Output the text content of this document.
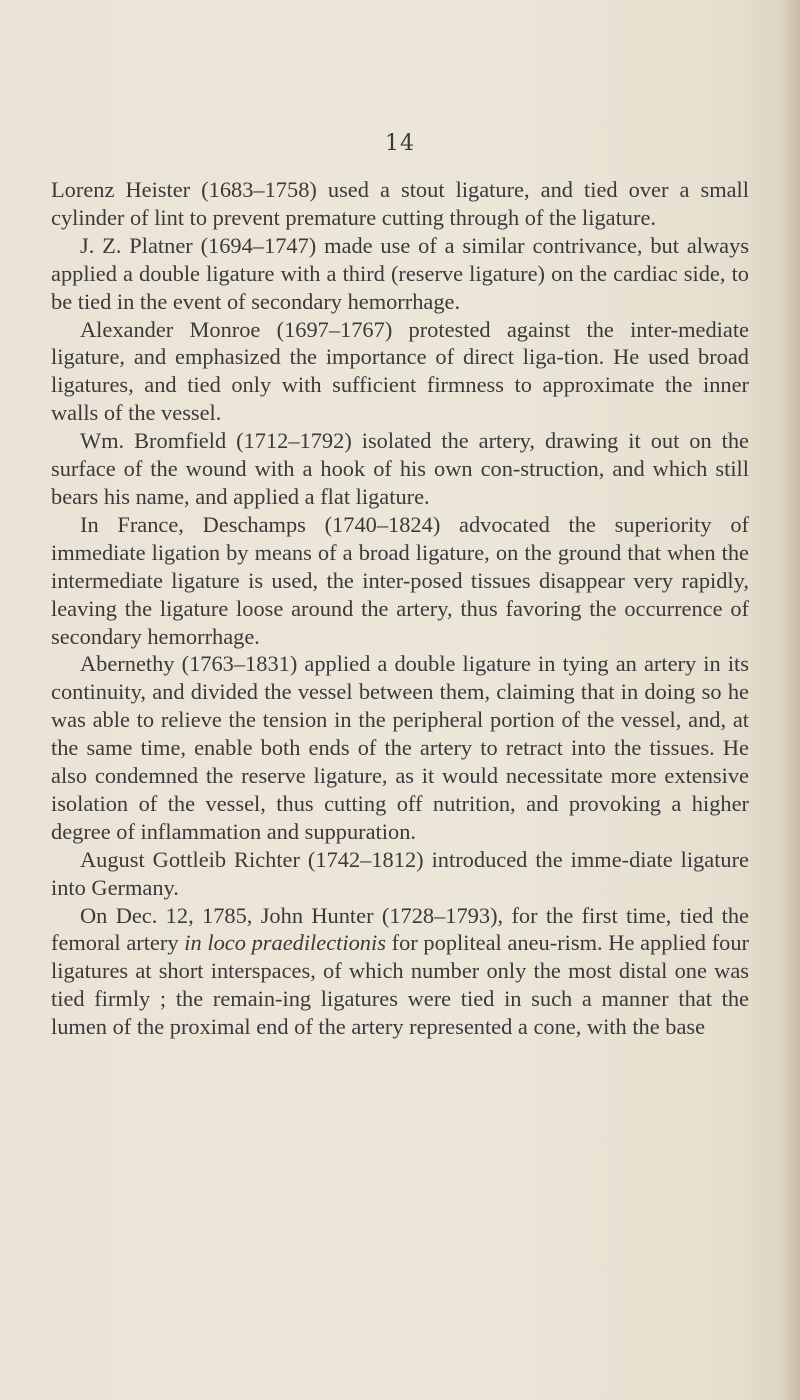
14

Lorenz Heister (1683–1758) used a stout ligature, and tied over a small cylinder of lint to prevent premature cutting through of the ligature.

J. Z. Platner (1694–1747) made use of a similar contrivance, but always applied a double ligature with a third (reserve ligature) on the cardiac side, to be tied in the event of secondary hemorrhage.

Alexander Monroe (1697–1767) protested against the inter-mediate ligature, and emphasized the importance of direct liga-tion. He used broad ligatures, and tied only with sufficient firmness to approximate the inner walls of the vessel.

Wm. Bromfield (1712–1792) isolated the artery, drawing it out on the surface of the wound with a hook of his own con-struction, and which still bears his name, and applied a flat ligature.

In France, Deschamps (1740–1824) advocated the superiority of immediate ligation by means of a broad ligature, on the ground that when the intermediate ligature is used, the inter-posed tissues disappear very rapidly, leaving the ligature loose around the artery, thus favoring the occurrence of secondary hemorrhage.

Abernethy (1763–1831) applied a double ligature in tying an artery in its continuity, and divided the vessel between them, claiming that in doing so he was able to relieve the tension in the peripheral portion of the vessel, and, at the same time, enable both ends of the artery to retract into the tissues. He also condemned the reserve ligature, as it would necessitate more extensive isolation of the vessel, thus cutting off nutrition, and provoking a higher degree of inflammation and suppuration.

August Gottleib Richter (1742–1812) introduced the imme-diate ligature into Germany.

On Dec. 12, 1785, John Hunter (1728–1793), for the first time, tied the femoral artery in loco praedilectionis for popliteal aneu-rism. He applied four ligatures at short interspaces, of which number only the most distal one was tied firmly ; the remain-ing ligatures were tied in such a manner that the lumen of the proximal end of the artery represented a cone, with the base
